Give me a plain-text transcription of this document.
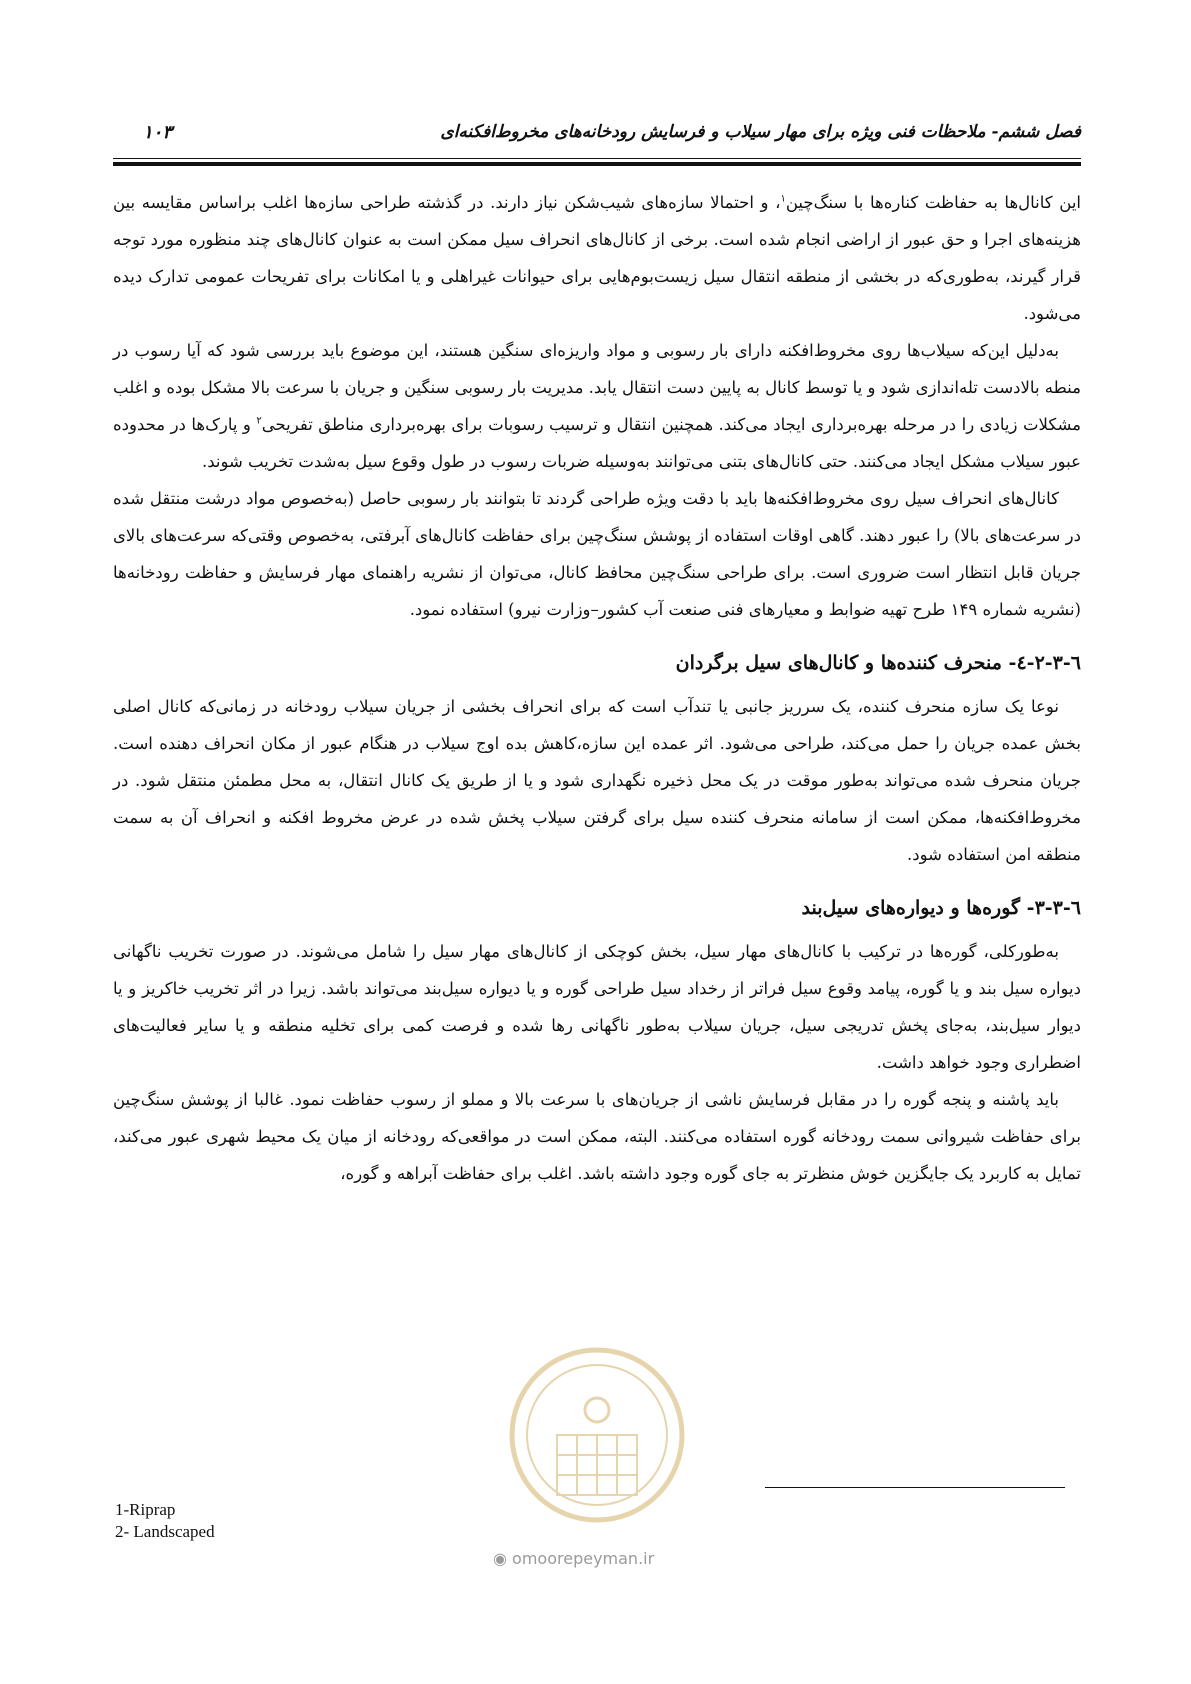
فصل ششم- ملاحظات فنی ویژه برای مهار سیلاب و فرسایش رودخانه‌های مخروط‌افکنه‌ای
۱۰۳

این کانال‌ها به حفاظت کناره‌ها با سنگ‌چین$^۱$، و احتمالا سازه‌های شیب‌شکن نیاز دارند. در گذشته طراحی سازه‌ها اغلب براساس مقایسه بین هزینه‌های اجرا و حق عبور از اراضی انجام شده است. برخی از کانال‌های انحراف سیل ممکن است به عنوان کانال‌های چند منظوره مورد توجه قرار گیرند، به‌طوری‌که در بخشی از منطقه انتقال سیل زیست‌بوم‌هایی برای حیوانات غیراهلی و یا امکانات برای تفریحات عمومی تدارک دیده می‌شود.

به‌دلیل این‌که سیلاب‌ها روی مخروط‌افکنه دارای بار رسوبی و مواد واریزه‌ای سنگین هستند، این موضوع باید بررسی شود که آیا رسوب در منطه بالادست تله‌اندازی شود و یا توسط کانال به پایین دست انتقال یابد. مدیریت بار رسوبی سنگین و جریان با سرعت بالا مشکل بوده و اغلب مشکلات زیادی را در مرحله بهره‌برداری ایجاد می‌کند. همچنین انتقال و ترسیب رسوبات برای بهره‌برداری مناطق تفریحی$^۲$ و پارک‌ها در محدوده عبور سیلاب مشکل ایجاد می‌کنند. حتی کانال‌های بتنی می‌توانند به‌وسیله ضربات رسوب در طول وقوع سیل به‌شدت تخریب شوند.

کانال‌های انحراف سیل روی مخروط‌افکنه‌ها باید با دقت ویژه طراحی گردند تا بتوانند بار رسوبی حاصل (به‌خصوص مواد درشت منتقل شده در سرعت‌های بالا) را عبور دهند. گاهی اوقات استفاده از پوشش سنگ‌چین برای حفاظت کانال‌های آبرفتی، به‌خصوص وقتی‌که سرعت‌های بالای جریان قابل انتظار است ضروری است. برای طراحی سنگ‌چین محافظ کانال، می‌توان از نشریه راهنمای مهار فرسایش و حفاظت رودخانه‌ها (نشریه شماره ۱۴۹ طرح تهیه ضوابط و معیارهای فنی صنعت آب کشور–وزارت نیرو) استفاده نمود.

٦-٣-٢-٤- منحرف کننده‌ها و کانال‌های سیل برگردان

نوعا یک سازه منحرف کننده، یک سرریز جانبی یا تندآب است که برای انحراف بخشی از جریان سیلاب رودخانه در زمانی‌که کانال اصلی بخش عمده جریان را حمل می‌کند، طراحی می‌شود. اثر عمده این سازه،کاهش بده اوج سیلاب در هنگام عبور از مکان انحراف دهنده است. جریان منحرف شده می‌تواند به‌طور موقت در یک محل ذخیره نگهداری شود و یا از طریق یک کانال انتقال، به محل مطمئن منتقل شود. در مخروط‌افکنه‌ها، ممکن است از سامانه منحرف کننده سیل برای گرفتن سیلاب پخش شده در عرض مخروط افکنه و انحراف آن به سمت منطقه امن استفاده شود.

٦-٣-٣- گوره‌ها و دیواره‌های سیل‌بند

به‌طورکلی، گوره‌ها در ترکیب با کانال‌های مهار سیل، بخش کوچکی از کانال‌های مهار سیل را شامل می‌شوند. در صورت تخریب ناگهانی دیواره سیل بند و یا گوره، پیامد وقوع سیل فراتر از رخداد سیل طراحی گوره و یا دیواره سیل‌بند می‌تواند باشد. زیرا در اثر تخریب خاکریز و یا دیوار سیل‌بند، به‌جای پخش تدریجی سیل، جریان سیلاب به‌طور ناگهانی رها شده و فرصت کمی برای تخلیه منطقه و یا سایر فعالیت‌های اضطراری وجود خواهد داشت.

باید پاشنه و پنجه گوره را در مقابل فرسایش ناشی از جریان‌های با سرعت بالا و مملو از رسوب حفاظت نمود. غالبا از پوشش سنگ‌چین برای حفاظت شیروانی سمت رودخانه گوره استفاده می‌کنند. البته، ممکن است در مواقعی‌که رودخانه از میان یک محیط شهری عبور می‌کند، تمایل به کاربرد یک جایگزین خوش منظرتر به جای گوره وجود داشته باشد. اغلب برای حفاظت آبراهه و گوره،

1-Riprap
2- Landscaped
◉ omoorepeyman.ir
